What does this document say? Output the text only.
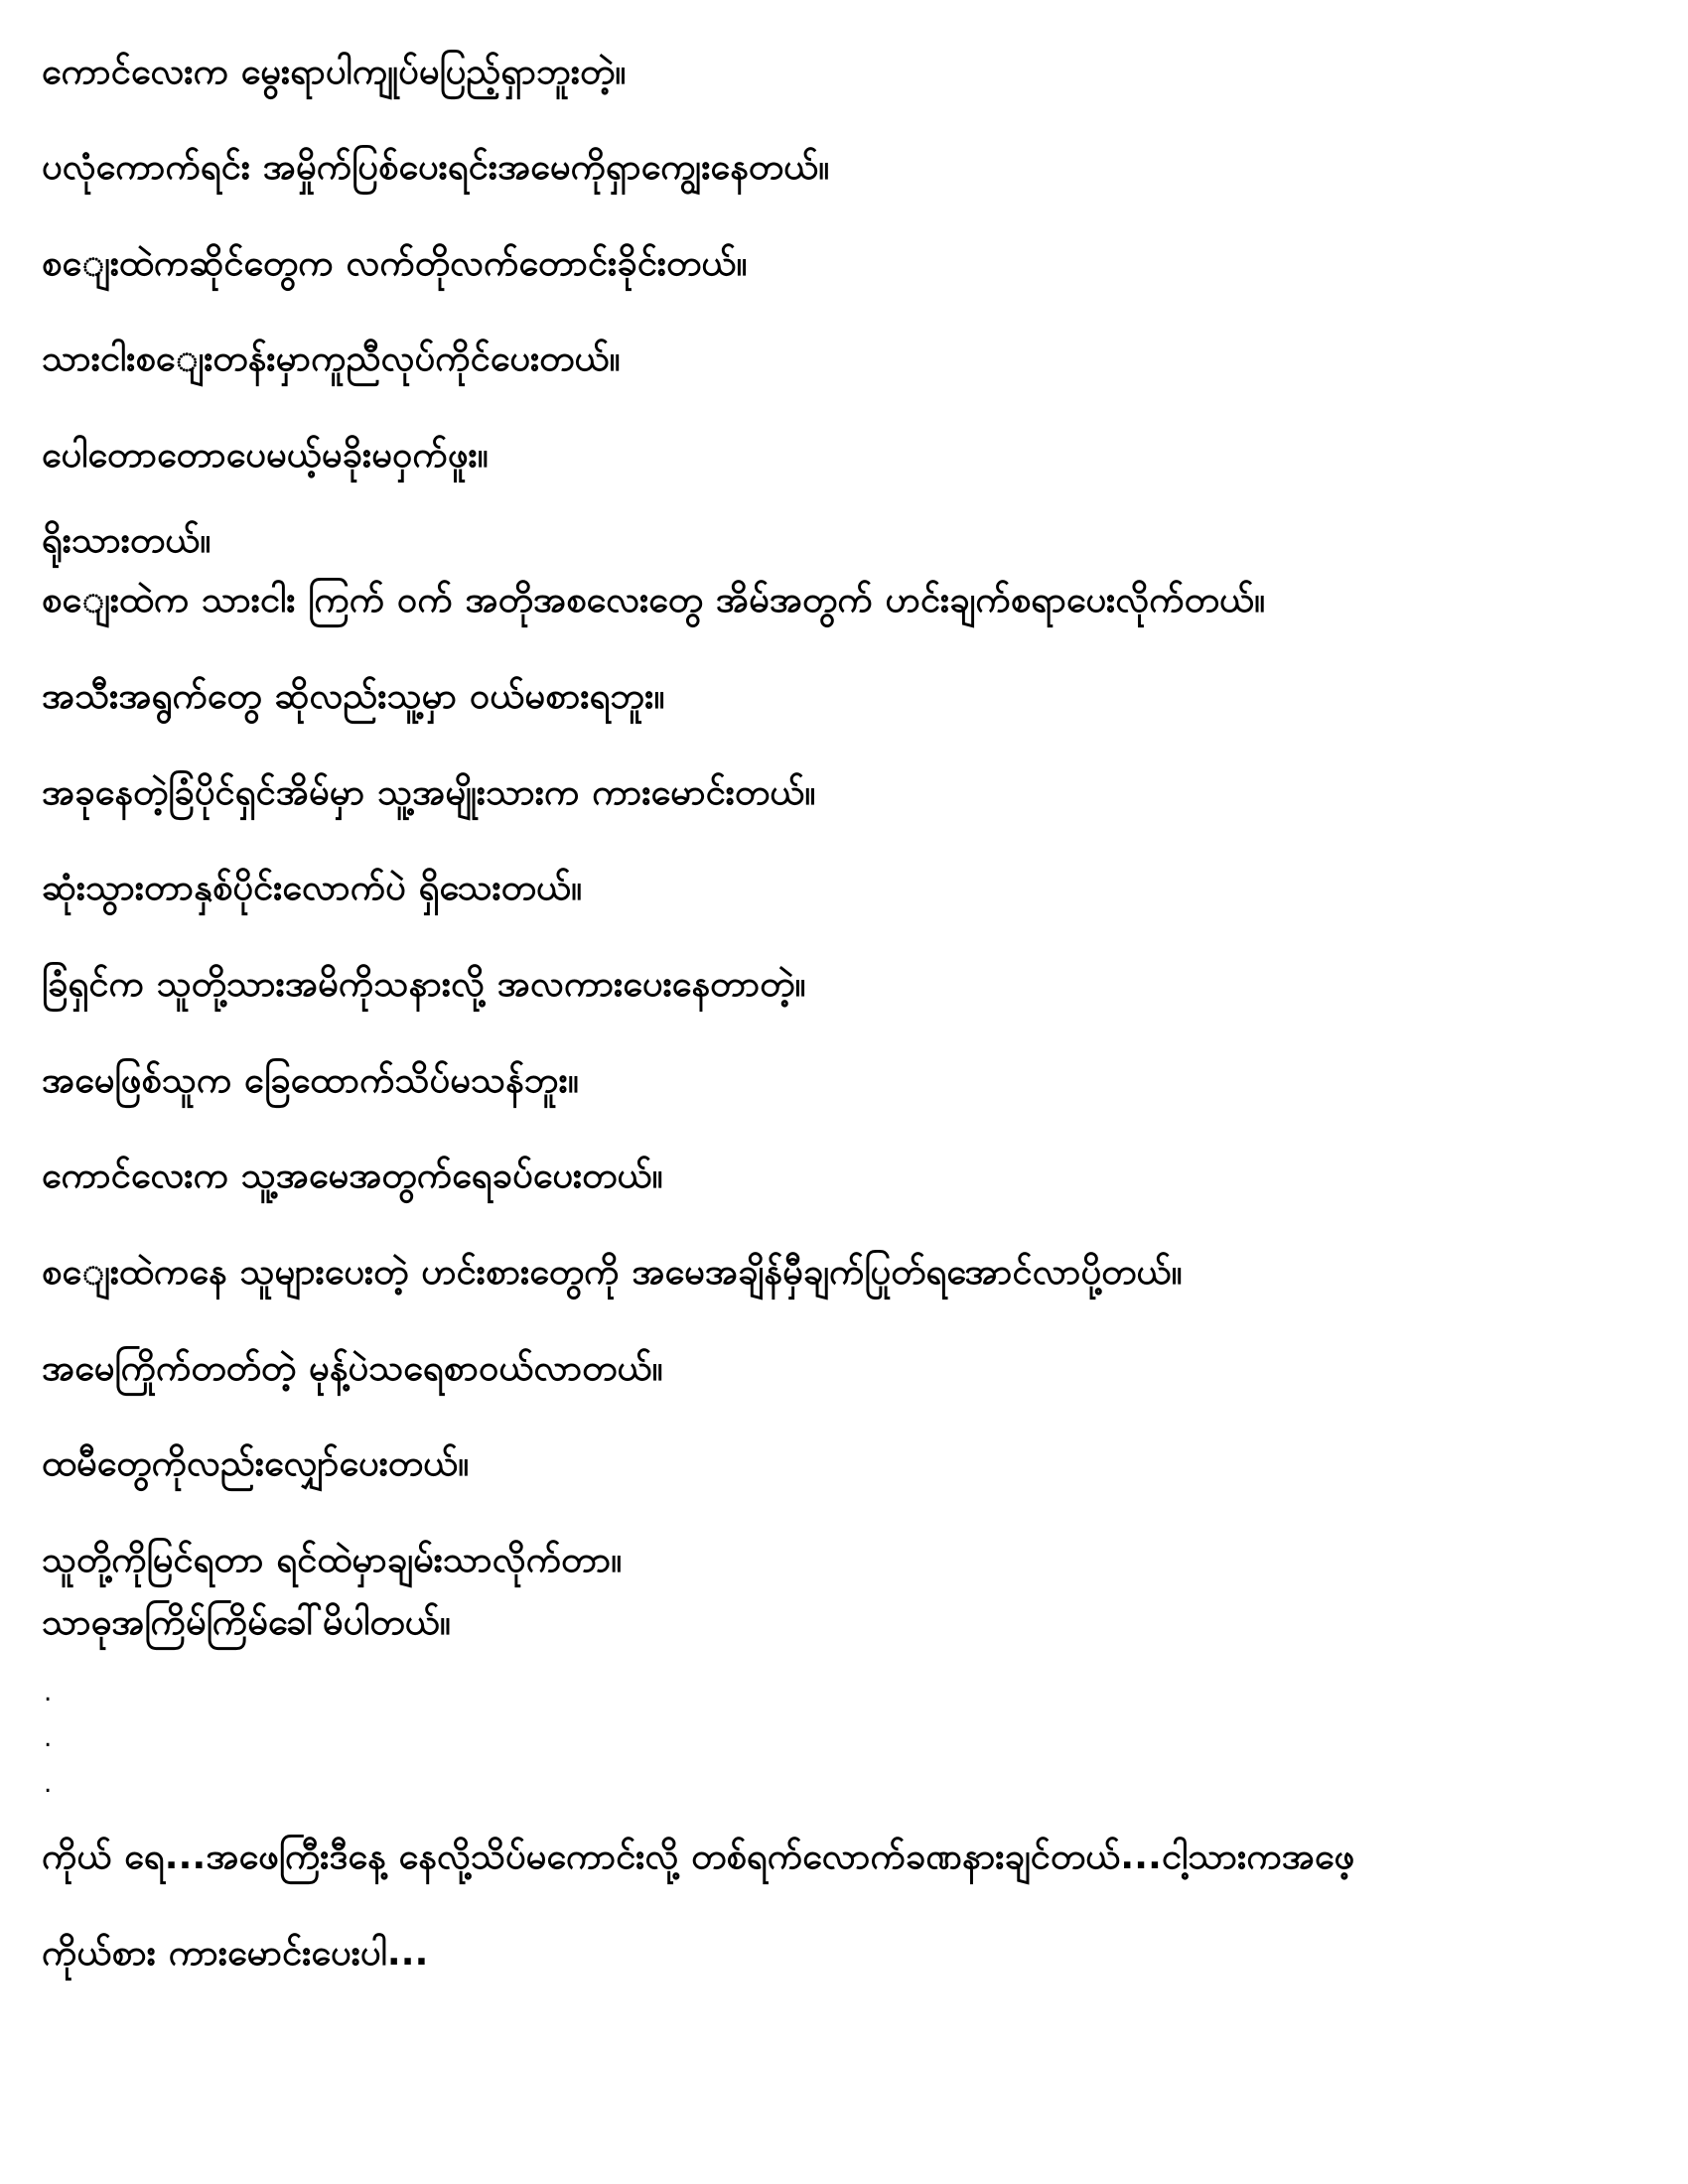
ကောင်လေးက မွေးရာပါကျုပ်မပြည့်ရှာဘူးတဲ့။
ပလုံကောက်ရင်း အမှိုက်ပြစ်ပေးရင်းအမေကိုရှာကျွေးနေတယ်။
စ​ျေးထဲကဆိုင်တွေက လက်တိုလက်တောင်းခိုင်းတယ်။
သားငါးစ​ျေးတန်းမှာကူညီလုပ်ကိုင်ပေးတယ်။
ပေါတောတောပေမယ့်မခိုးမဝှက်ဖူး။
ရိုးသားတယ်။
စ​ျေးထဲက သားငါး ကြက် ဝက် အတိုအစလေးတွေ အိမ်အတွက် ဟင်းချက်စရာပေးလိုက်တယ်။
အသီးအရွက်တွေ ဆိုလည်းသူ့မှာ ဝယ်မစားရဘူး။
အခုနေတဲ့ခြံပိုင်ရှင်အိမ်မှာ သူ့အမျိုးသားက ကားမောင်းတယ်။
ဆုံးသွားတာနှစ်ပိုင်းလောက်ပဲ ရှိသေးတယ်။
ခြံရှင်က သူတို့သားအမိကိုသနားလို့ အလကားပေးနေတာတဲ့။
အမေဖြစ်သူက ခြေထောက်သိပ်မသန်ဘူး။
ကောင်လေးက သူ့အမေအတွက်ရေခပ်ပေးတယ်။
စ​ျေးထဲကနေ သူများပေးတဲ့ ဟင်းစားတွေကို အမေအချိန်မှီချက်ပြုတ်ရအောင်လာပို့တယ်။
အမေကြိုက်တတ်တဲ့ မုန့်ပဲသရေစာဝယ်လာတယ်။
ထမီတွေကိုလည်းလျှော်ပေးတယ်။
သူတို့ကိုမြင်ရတာ ရင်ထဲမှာချမ်းသာလိုက်တာ။
သာဓုအကြိမ်ကြိမ်ခေါ်မိပါတယ်။
.
.
.
ကိုယ် ရေ...အဖေကြီးဒီနေ့ နေလို့သိပ်မကောင်းလို့ တစ်ရက်လောက်ခဏနားချင်တယ်...ငါ့သားကအဖေ့
ကိုယ်စား ကားမောင်းပေးပါ...
